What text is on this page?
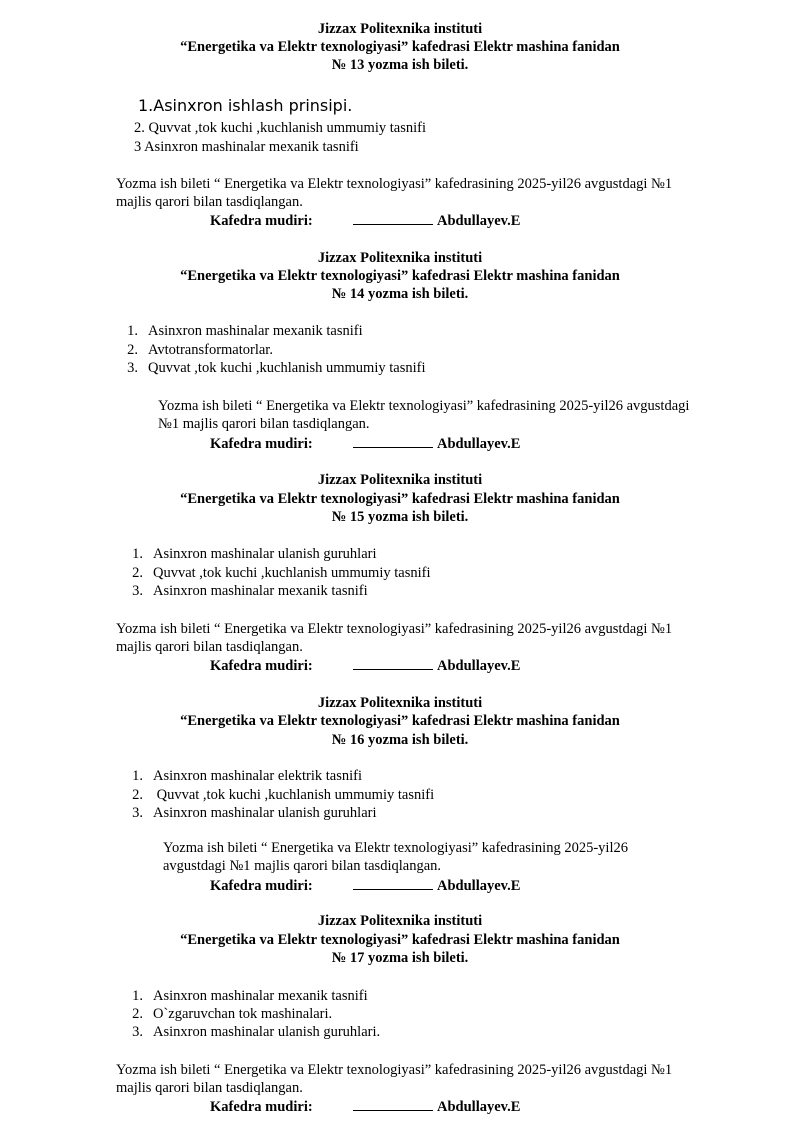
Jizzax Politexnika instituti
“Energetika va Elektr texnologiyasi” kafedrasi Elektr mashina fanidan
№ 13 yozma ish bileti.
1.Asinxron ishlash prinsipi.
2. Quvvat ,tok kuchi ,kuchlanish ummumiy tasnifi
3 Asinxron mashinalar mexanik tasnifi
Yozma ish bileti “ Energetika va Elektr texnologiyasi” kafedrasining 2025-yil26 avgustdagi №1
majlis qarori bilan tasdiqlangan.
Kafedra mudiri:	Abdullayev.E
Jizzax Politexnika instituti
“Energetika va Elektr texnologiyasi” kafedrasi Elektr mashina fanidan
№ 14 yozma ish bileti.
1. Asinxron mashinalar mexanik tasnifi
2. Avtotransformatorlar.
3. Quvvat ,tok kuchi ,kuchlanish ummumiy tasnifi
Yozma ish bileti “ Energetika va Elektr texnologiyasi” kafedrasining 2025-yil26 avgustdagi
№1 majlis qarori bilan tasdiqlangan.
Kafedra mudiri:	Abdullayev.E
Jizzax Politexnika instituti
“Energetika va Elektr texnologiyasi” kafedrasi Elektr mashina fanidan
№ 15 yozma ish bileti.
1. Asinxron mashinalar ulanish guruhlari
2. Quvvat ,tok kuchi ,kuchlanish ummumiy tasnifi
3. Asinxron mashinalar mexanik tasnifi
Yozma ish bileti “ Energetika va Elektr texnologiyasi” kafedrasining 2025-yil26 avgustdagi №1
majlis qarori bilan tasdiqlangan.
Kafedra mudiri:	Abdullayev.E
Jizzax Politexnika instituti
“Energetika va Elektr texnologiyasi” kafedrasi Elektr mashina fanidan
№ 16 yozma ish bileti.
1. Asinxron mashinalar elektrik tasnifi
2. Quvvat ,tok kuchi ,kuchlanish ummumiy tasnifi
3. Asinxron mashinalar ulanish guruhlari
Yozma ish bileti “ Energetika va Elektr texnologiyasi” kafedrasining 2025-yil26
avgustdagi №1 majlis qarori bilan tasdiqlangan.
Kafedra mudiri:	Abdullayev.E
Jizzax Politexnika instituti
“Energetika va Elektr texnologiyasi” kafedrasi Elektr mashina fanidan
№ 17 yozma ish bileti.
1. Asinxron mashinalar mexanik tasnifi
2. O`zgaruvchan tok mashinalari.
3. Asinxron mashinalar ulanish guruhlari.
Yozma ish bileti “ Energetika va Elektr texnologiyasi” kafedrasining 2025-yil26 avgustdagi №1
majlis qarori bilan tasdiqlangan.
Kafedra mudiri:	Abdullayev.E
